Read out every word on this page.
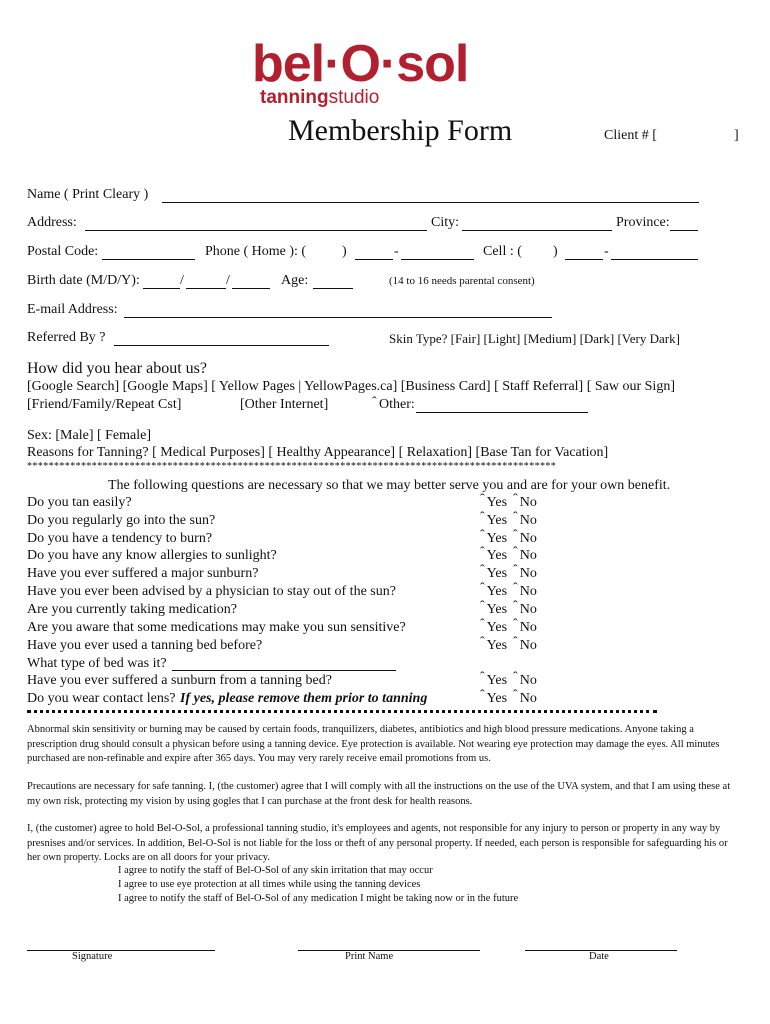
bel·O·sol
tanningstudio
Membership Form	Client # [	]
Name ( Print Cleary )
Address:	City:	Province:
Postal Code:	Phone ( Home ): (	)	-	Cell : ( )	-
Birth date (M/D/Y):	/	/	Age:	(14 to 16 needs parental consent)
E-mail Address:
Referred By ?	Skin Type? [Fair] [Light] [Medium] [Dark] [Very Dark]
How did you hear about us?
[Google Search] [Google Maps] [ Yellow Pages | YellowPages.ca] [Business Card] [ Staff Referral] [ Saw our Sign]
[Friend/Family/Repeat Cst]	[Other Internet]	ˆ Other:
Sex: [Male] [ Female]
Reasons for Tanning? [ Medical Purposes] [ Healthy Appearance] [ Relaxation] [Base Tan for Vacation]
**************************************************************************************************
The following questions are necessary so that we may better serve you and are for your own benefit.
Do you tan easily?	ˆ Yes ˆ No
Do you regularly go into the sun?	ˆ Yes ˆ No
Do you have a tendency to burn?	ˆ Yes ˆ No
Do you have any know allergies to sunlight?	ˆ Yes ˆ No
Have you ever suffered a major sunburn?	ˆ Yes ˆ No
Have you ever been advised by a physician to stay out of the sun?	ˆ Yes ˆ No
Are you currently taking medication?	ˆ Yes ˆ No
Are you aware that some medications may make you sun sensitive?	ˆ Yes ˆ No
Have you ever used a tanning bed before?	ˆ Yes ˆ No
What type of bed was it?
Have you ever suffered a sunburn from a tanning bed?	ˆ Yes ˆ No
Do you wear contact lens? If yes, please remove them prior to tanning	ˆ Yes ˆ No

Abnormal skin sensitivity or burning may be caused by certain foods, tranquilizers, diabetes, antibiotics and high blood pressure medications. Anyone taking a prescription drug should consult a physican before using a tanning device. Eye protection is available. Not wearing eye protection may damage the eyes. All minutes purchased are non-refinable and expire after 365 days. You may very rarely receive email promotions from us.

Precautions are necessary for safe tanning. I, (the customer) agree that I will comply with all the instructions on the use of the UVA system, and that I am using these at my own risk, protecting my vision by using gogles that I can purchase at the front desk for health reasons.

I, (the customer) agree to hold Bel-O-Sol, a professional tanning studio, it's employees and agents, not responsible for any injury to person or property in any way by presnises and/or services. In addition, Bel-O-Sol is not liable for the loss or theft of any personal property. If needed, each person is responsible for safeguarding his or her own property. Locks are on all doors for your privacy.

I agree to notify the staff of Bel-O-Sol of any skin irritation that may occur
I agree to use eye protection at all times while using the tanning devices
I agree to notify the staff of Bel-O-Sol of any medication I might be taking now or in the future
Signature	Print Name	Date
